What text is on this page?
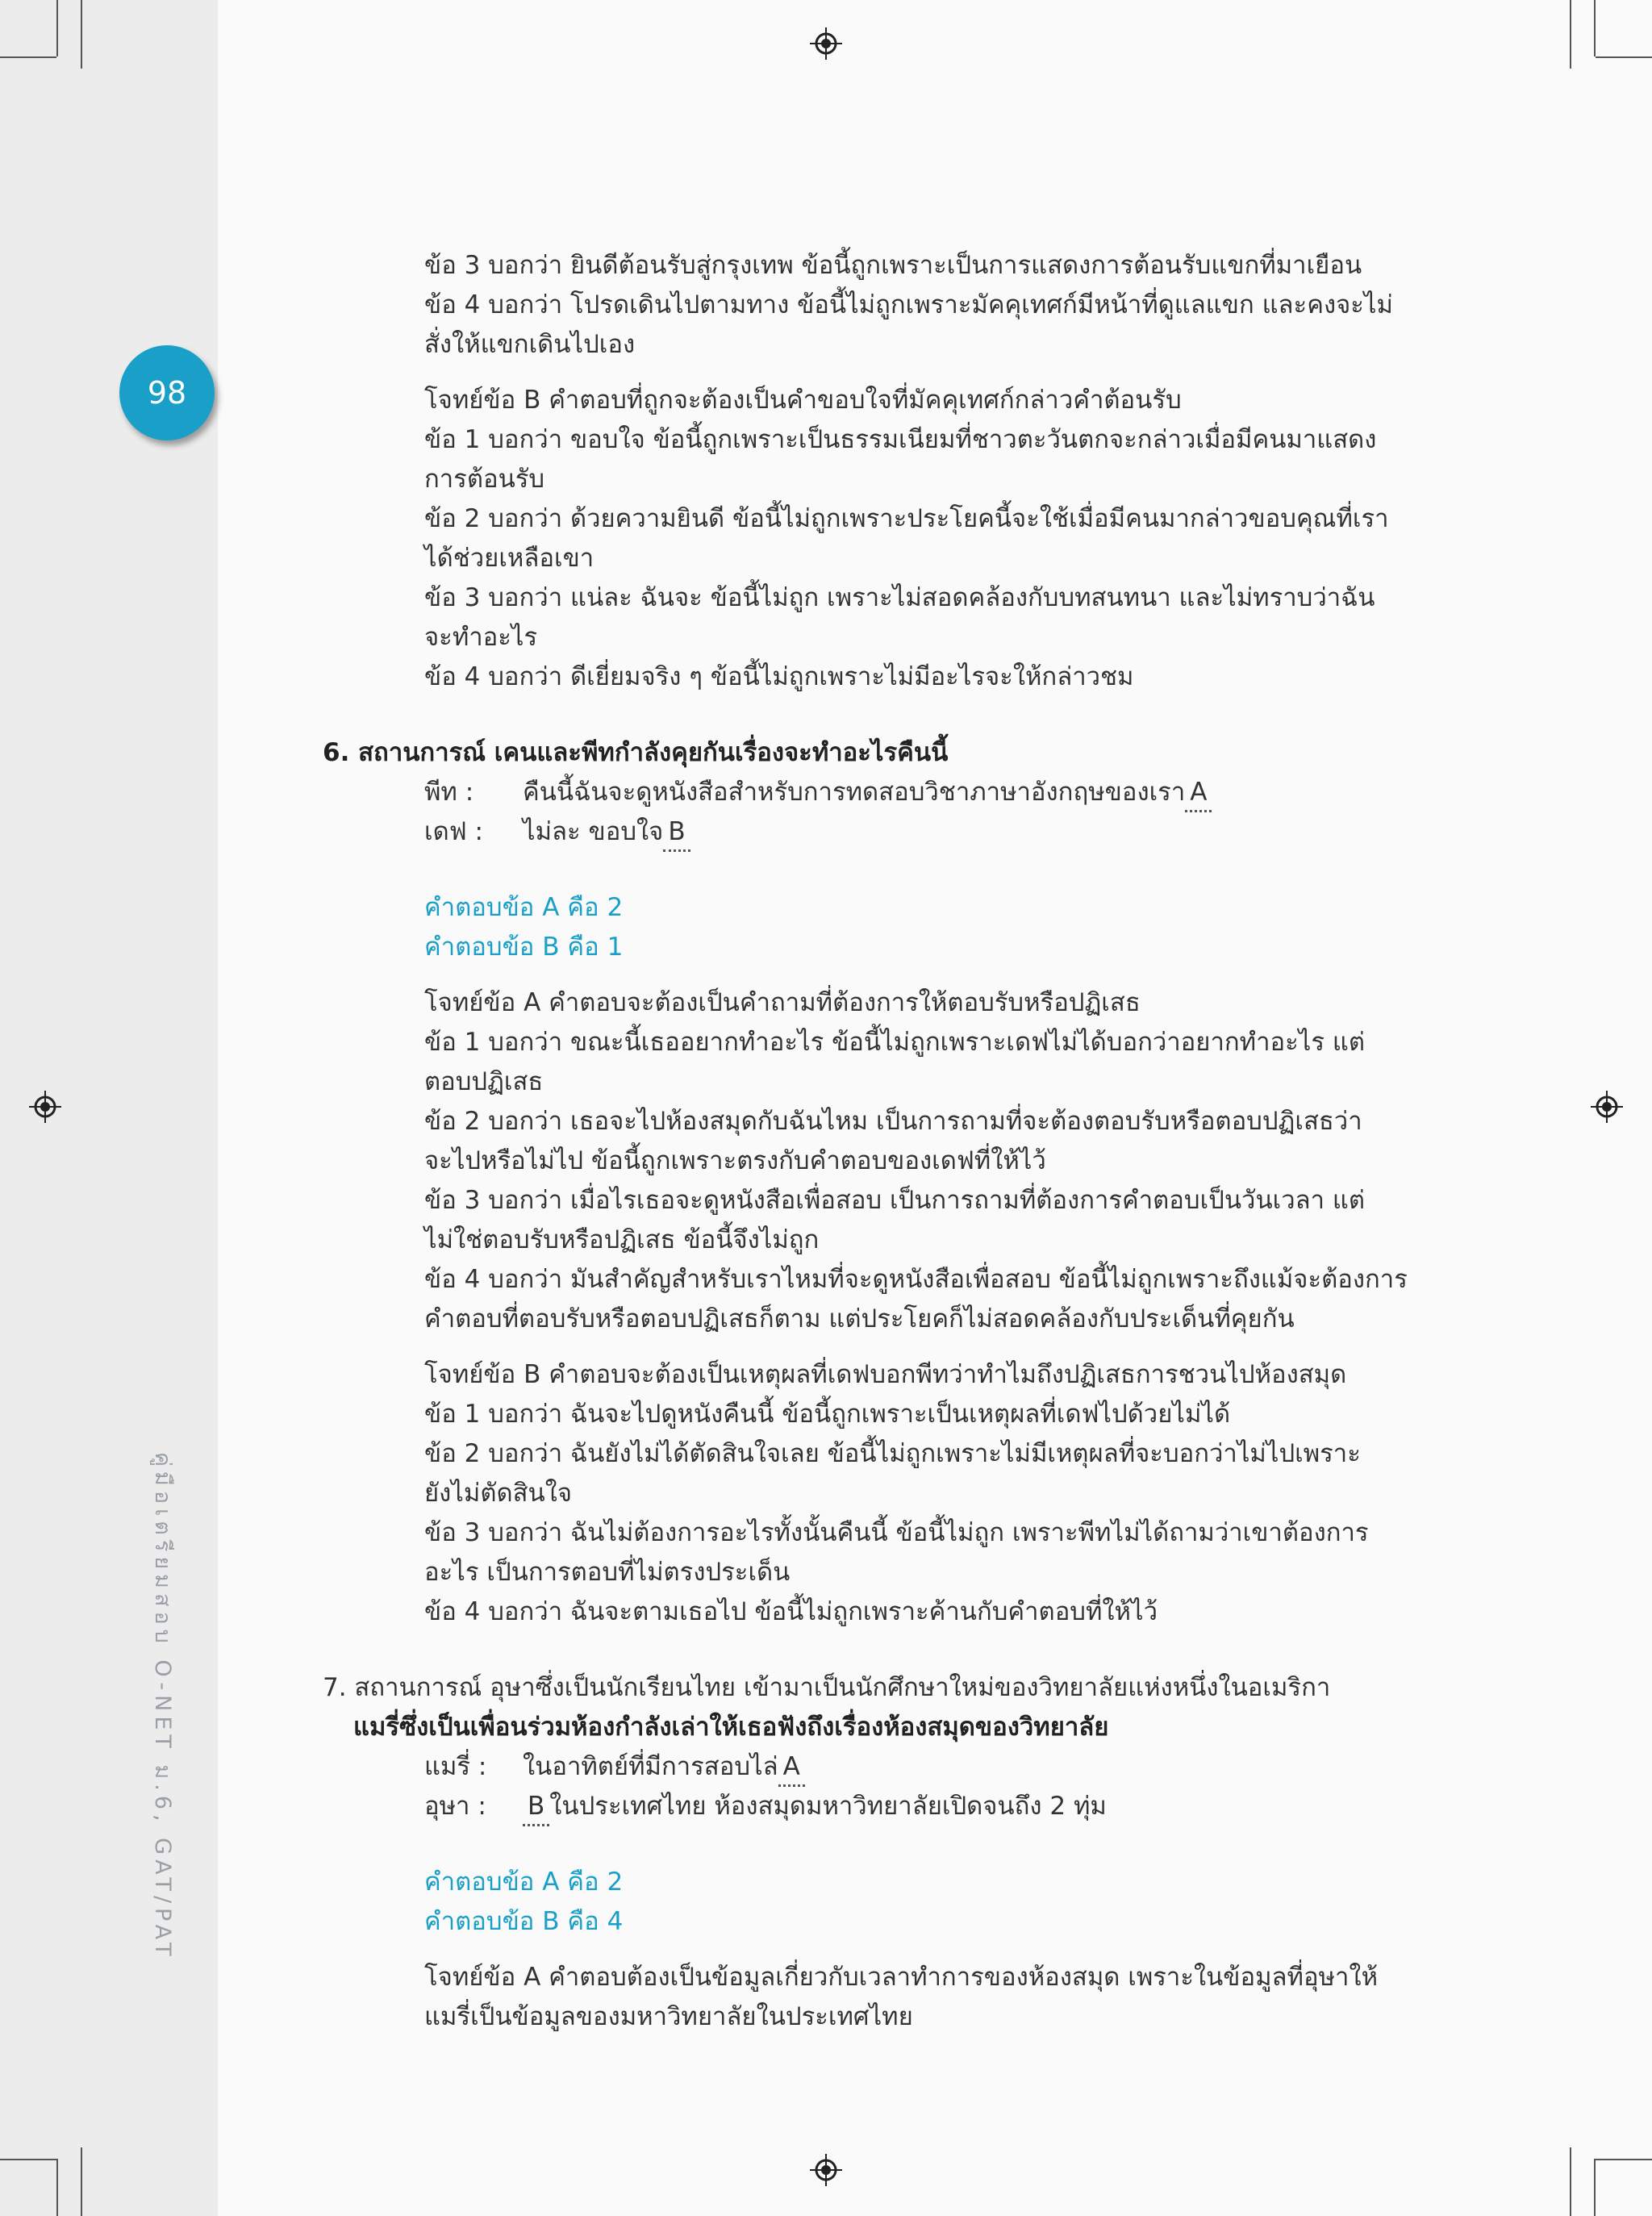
98
คู่มือเตรียมสอบ O-NET ม.6, GAT/PAT
ข้อ 3 บอกว่า ยินดีต้อนรับสู่กรุงเทพ ข้อนี้ถูกเพราะเป็นการแสดงการต้อนรับแขกที่มาเยือน
ข้อ 4 บอกว่า โปรดเดินไปตามทาง ข้อนี้ไม่ถูกเพราะมัคคุเทศก์มีหน้าที่ดูแลแขก และคงจะไม่
สั่งให้แขกเดินไปเอง
โจทย์ข้อ B คำตอบที่ถูกจะต้องเป็นคำขอบใจที่มัคคุเทศก์กล่าวคำต้อนรับ
ข้อ 1 บอกว่า ขอบใจ ข้อนี้ถูกเพราะเป็นธรรมเนียมที่ชาวตะวันตกจะกล่าวเมื่อมีคนมาแสดง
การต้อนรับ
ข้อ 2 บอกว่า ด้วยความยินดี ข้อนี้ไม่ถูกเพราะประโยคนี้จะใช้เมื่อมีคนมากล่าวขอบคุณที่เรา
ได้ช่วยเหลือเขา
ข้อ 3 บอกว่า แน่ละ ฉันจะ ข้อนี้ไม่ถูก เพราะไม่สอดคล้องกับบทสนทนา และไม่ทราบว่าฉัน
จะทำอะไร
ข้อ 4 บอกว่า ดีเยี่ยมจริง ๆ ข้อนี้ไม่ถูกเพราะไม่มีอะไรจะให้กล่าวชม
6. สถานการณ์ เคนและพีทกำลังคุยกันเรื่องจะทำอะไรคืนนี้
พีท :	คืนนี้ฉันจะดูหนังสือสำหรับการทดสอบวิชาภาษาอังกฤษของเรา A
เดฟ :	ไม่ละ ขอบใจ B
คำตอบข้อ A คือ 2
คำตอบข้อ B คือ 1
โจทย์ข้อ A คำตอบจะต้องเป็นคำถามที่ต้องการให้ตอบรับหรือปฏิเสธ
ข้อ 1 บอกว่า ขณะนี้เธออยากทำอะไร ข้อนี้ไม่ถูกเพราะเดฟไม่ได้บอกว่าอยากทำอะไร แต่
ตอบปฏิเสธ
ข้อ 2 บอกว่า เธอจะไปห้องสมุดกับฉันไหม เป็นการถามที่จะต้องตอบรับหรือตอบปฏิเสธว่า
จะไปหรือไม่ไป ข้อนี้ถูกเพราะตรงกับคำตอบของเดฟที่ให้ไว้
ข้อ 3 บอกว่า เมื่อไรเธอจะดูหนังสือเพื่อสอบ เป็นการถามที่ต้องการคำตอบเป็นวันเวลา แต่
ไม่ใช่ตอบรับหรือปฏิเสธ ข้อนี้จึงไม่ถูก
ข้อ 4 บอกว่า มันสำคัญสำหรับเราไหมที่จะดูหนังสือเพื่อสอบ ข้อนี้ไม่ถูกเพราะถึงแม้จะต้องการ
คำตอบที่ตอบรับหรือตอบปฏิเสธก็ตาม แต่ประโยคก็ไม่สอดคล้องกับประเด็นที่คุยกัน
โจทย์ข้อ B คำตอบจะต้องเป็นเหตุผลที่เดฟบอกพีทว่าทำไมถึงปฏิเสธการชวนไปห้องสมุด
ข้อ 1 บอกว่า ฉันจะไปดูหนังคืนนี้ ข้อนี้ถูกเพราะเป็นเหตุผลที่เดฟไปด้วยไม่ได้
ข้อ 2 บอกว่า ฉันยังไม่ได้ตัดสินใจเลย ข้อนี้ไม่ถูกเพราะไม่มีเหตุผลที่จะบอกว่าไม่ไปเพราะ
ยังไม่ตัดสินใจ
ข้อ 3 บอกว่า ฉันไม่ต้องการอะไรทั้งนั้นคืนนี้ ข้อนี้ไม่ถูก เพราะพีทไม่ได้ถามว่าเขาต้องการ
อะไร เป็นการตอบที่ไม่ตรงประเด็น
ข้อ 4 บอกว่า ฉันจะตามเธอไป ข้อนี้ไม่ถูกเพราะค้านกับคำตอบที่ให้ไว้
7. สถานการณ์ อุษาซึ่งเป็นนักเรียนไทย เข้ามาเป็นนักศึกษาใหม่ของวิทยาลัยแห่งหนึ่งในอเมริกา
แมรี่ซึ่งเป็นเพื่อนร่วมห้องกำลังเล่าให้เธอฟังถึงเรื่องห้องสมุดของวิทยาลัย
แมรี่ :	ในอาทิตย์ที่มีการสอบไล่ A
อุษา :	B ในประเทศไทย ห้องสมุดมหาวิทยาลัยเปิดจนถึง 2 ทุ่ม
คำตอบข้อ A คือ 2
คำตอบข้อ B คือ 4
โจทย์ข้อ A คำตอบต้องเป็นข้อมูลเกี่ยวกับเวลาทำการของห้องสมุด เพราะในข้อมูลที่อุษาให้
แมรี่เป็นข้อมูลของมหาวิทยาลัยในประเทศไทย
